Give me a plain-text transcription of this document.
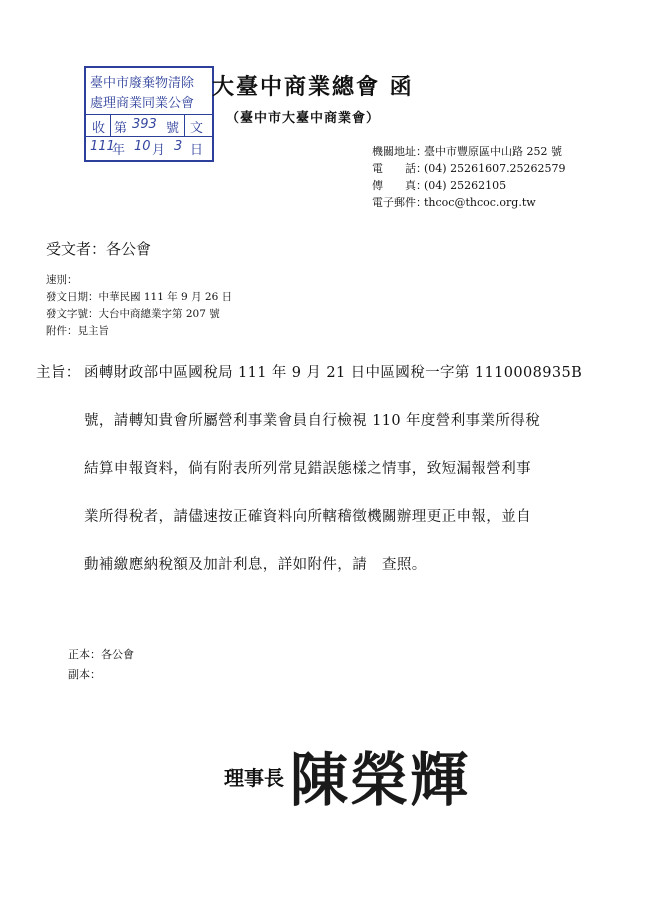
臺中市廢棄物清除
處理商業同業公會
收 第 393 號 文
111
年 10 月 3 日
大臺中商業總會 函
（臺中市大臺中商業會）
機關地址：臺中市豐原區中山路 252 號
電　　話：(04) 25261607.25262579
傳　　真：(04) 25262105
電子郵件：thcoc@thcoc.org.tw
受文者：各公會
速別：
發文日期：中華民國 111 年 9 月 26 日
發文字號：大台中商總業字第 207 號
附件：見主旨
主旨： 函轉財政部中區國稅局 111 年 9 月 21 日中區國稅一字第 1110008935B
號，請轉知貴會所屬營利事業會員自行檢視 110 年度營利事業所得稅
結算申報資料，倘有附表所列常見錯誤態樣之情事，致短漏報營利事
業所得稅者，請儘速按正確資料向所轄稽徵機關辦理更正申報，並自
動補繳應納稅額及加計利息，詳如附件，請　查照。
正本：各公會
副本：
理事長 陳榮輝
